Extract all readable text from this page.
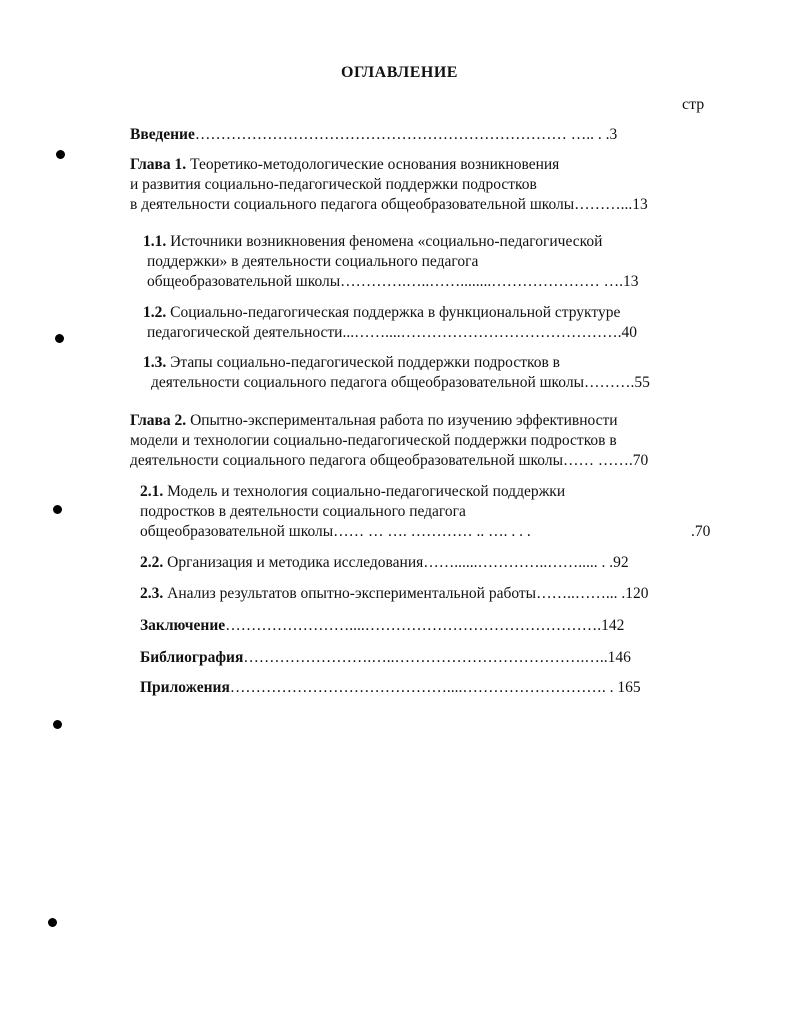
ОГЛАВЛЕНИЕ
стр
Введение……………………………………………………………… ….. . .3
Глава 1. Теоретико-методологические основания возникновения
и развития социально-педагогической поддержки подростков
в деятельности социального педагога общеобразовательной школы………...13
1.1. Источники возникновения феномена «социально-педагогической
поддержки» в деятельности социального педагога
общеобразовательной школы………….…..……........………………… ….13
1.2. Социально-педагогическая поддержка в функциональной структуре
педагогической деятельности...……....…………………………………….40
1.3. Этапы социально-педагогической поддержки подростков в
деятельности социального педагога общеобразовательной школы……….55
Глава 2. Опытно-экспериментальная работа по изучению эффективности
модели и технологии социально-педагогической поддержки подростков в
деятельности социального педагога общеобразовательной школы…… …….70
2.1. Модель и технология социально-педагогической поддержки
подростков в деятельности социального педагога
общеобразовательной школы…… … …. ………… .. …. . . .	.70
2.2. Организация и методика исследования……......…………..……..... . .92
2.3. Анализ результатов опытно-экспериментальной работы……..……... .120
Заключение……………………....……………………………………….142
Библиография…………………….…..……………………………….…..146
Приложения……………………………………....………………………. . 165
